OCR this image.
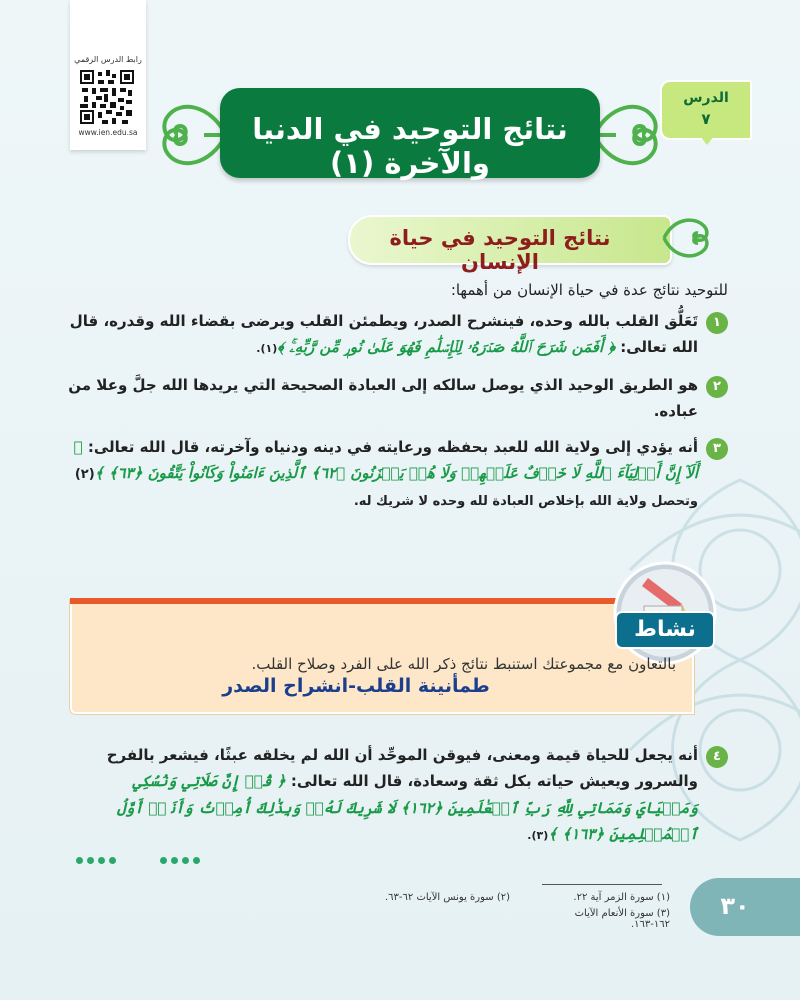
رابط الدرس الرقمي
www.ien.edu.sa	نتائج التوحيد في الدنيا والآخرة (١)
الدرس
٧
نتائج التوحيد في حياة الإنسان
للتوحيد نتائج عدة في حياة الإنسان من أهمها:
١
تَعَلُّق القلب بالله وحده، فينشرح الصدر، ويطمئن القلب ويرضى بقضاء الله وقدره، قال الله تعالى: ﴿ أَفَمَن شَرَحَ ٱللَّهُ صَدۡرَهُۥ لِلۡإِسۡلَٰمِ فَهُوَ عَلَىٰ نُورٖ مِّن رَّبِّهِۦۚ ﴾(١).
٢
هو الطريق الوحيد الذي يوصل سالكه إلى العبادة الصحيحة التي يريدها الله جلَّ وعلا من عباده.
٣
أنه يؤدي إلى ولاية الله للعبد بحفظه ورعايته في دينه ودنياه وآخرته، قال الله تعالى: ﴿ أَلَآ إِنَّ أَوۡلِيَآءَ ٱللَّهِ لَا خَوۡفٌ عَلَيۡهِمۡ وَلَا هُمۡ يَحۡزَنُونَ ﴿٦٢﴾ ٱلَّذِينَ ءَامَنُواْ وَكَانُواْ يَتَّقُونَ ﴿٦٣﴾ ﴾(٢) وتحصل ولاية الله بإخلاص العبادة لله وحده لا شريك له.
نشاط
بالتعاون مع مجموعتك استنبط نتائج ذكر الله على الفرد وصلاح القلب.
طمأنينة القلب-انشراح الصدر
٤
أنه يجعل للحياة قيمة ومعنى، فيوقن الموحِّد أن الله لم يخلقه عبثًا، فيشعر بالفرح والسرور ويعيش حياته بكل ثقة وسعادة، قال الله تعالى: ﴿ قُلۡ إِنَّ صَلَاتِي وَنُسُكِي وَمَحۡيَايَ وَمَمَاتِي لِلَّهِ رَبِّ ٱلۡعَٰلَمِينَ ﴿١٦٢﴾ لَا شَرِيكَ لَهُۥۖ وَبِذَٰلِكَ أُمِرۡتُ وَأَنَا۠ أَوَّلُ ٱلۡمُسۡلِمِينَ ﴿١٦٣﴾ ﴾(٣).
(١) سورة الزمر آية ٢٢.
(٣) سورة الأنعام الآيات ١٦٢-١٦٣.
(٢) سورة يونس الآيات ٦٢-٦٣.	٣٠
